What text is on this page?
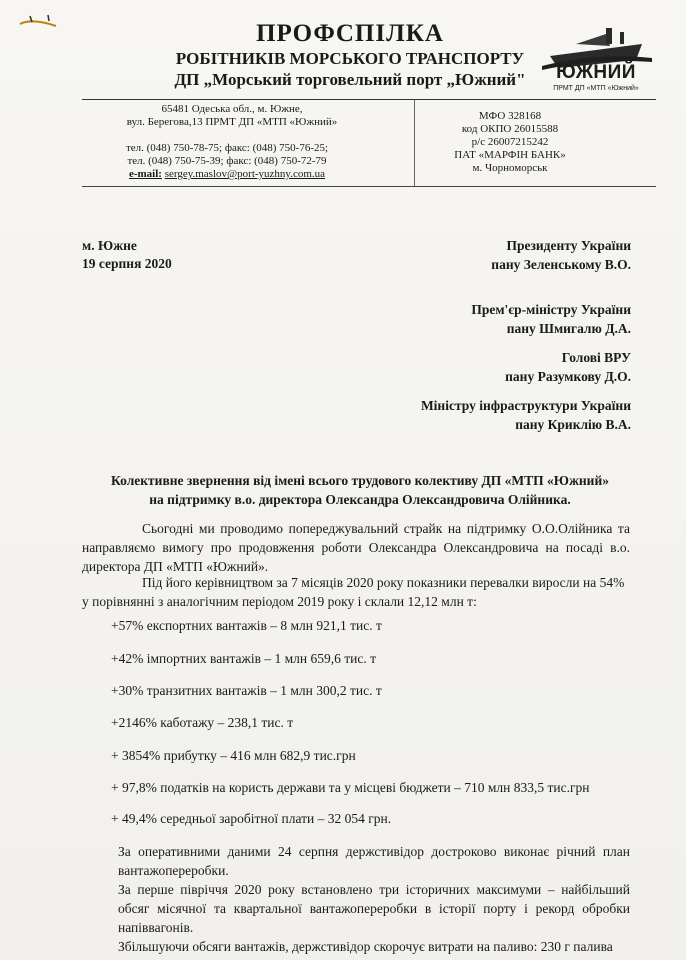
ПРОФСПІЛКА
РОБІТНИКІВ МОРСЬКОГО ТРАНСПОРТУ
ДП „Морський торговельний порт „Южний"	ЮЖНИЙ
ПРМТ ДП «МТП «Южний»
65481 Одеська обл., м. Южне,
вул. Берегова,13 ПРМТ ДП «МТП «Южний»
тел. (048) 750-78-75; факс: (048) 750-76-25;
тел. (048) 750-75-39; факс: (048) 750-72-79
e-mail: sergey.maslov@port-yuzhny.com.ua
МФО 328168
код ОКПО 26015588
р/с 26007215242
ПАТ «МАРФІН БАНК»
м. Чорноморськ
м. Южне
19 серпня 2020
Президенту України
пану Зеленському В.О.
Прем'єр-міністру України
пану Шмигалю Д.А.
Голові ВРУ
пану Разумкову Д.О.
Міністру інфраструктури України
пану Криклію В.А.
Колективне звернення від імені всього трудового колективу ДП «МТП «Южний»
на підтримку в.о. директора Олександра Олександровича Олійника.
Сьогодні ми проводимо попереджувальний страйк на підтримку О.О.Олійника та направляємо вимогу про продовження роботи Олександра Олександровича на посаді в.о. директора ДП «МТП «Южний».
Під його керівництвом за 7 місяців 2020 року показники перевалки виросли на 54%
у порівнянні з аналогічним періодом 2019 року і склали 12,12 млн т:
+57% експортних вантажів – 8 млн 921,1 тис. т
+42% імпортних вантажів – 1 млн 659,6 тис. т
+30% транзитних вантажів – 1 млн 300,2 тис. т
+2146% каботажу – 238,1 тис. т
+ 3854% прибутку – 416 млн 682,9 тис.грн
+ 97,8% податків на користь держави та у місцеві бюджети – 710 млн 833,5 тис.грн
+ 49,4% середньої заробітної плати – 32 054 грн.
За оперативними даними 24 серпня держстивідор достроково виконає річний план вантажопереробки.
За перше півріччя 2020 року встановлено три історичних максимуми – найбільший обсяг місячної та квартальної вантажопереробки в історії порту і рекорд обробки напіввагонів.
Збільшуючи обсяги вантажів, держстивідор скорочує витрати на паливо: 230 г палива
